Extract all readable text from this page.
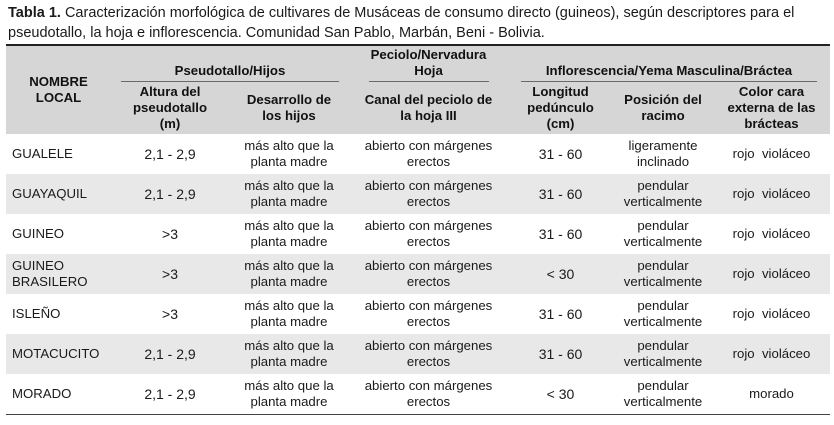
Tabla 1. Caracterización morfológica de cultivares de Musáceas de consumo directo (guineos), según descriptores para el pseudotallo, la hoja e inflorescencia. Comunidad San Pablo, Marbán, Beni - Bolivia.

NOMBRE LOCAL	Pseudotallo/Hijos		Peciolo/Nervadura Hoja	Inflorescencia/Yema Masculina/Bráctea		
	Altura del pseudotallo (m)	Desarrollo de los hijos	Canal del peciolo de la hoja III	Longitud pedúnculo (cm)	Posición del racimo	Color cara externa de las brácteas
GUALELE	2,1 - 2,9	más alto que la planta madre	abierto con márgenes erectos	31 - 60	ligeramente inclinado	rojo  violáceo
GUAYAQUIL	2,1 - 2,9	más alto que la planta madre	abierto con márgenes erectos	31 - 60	pendular verticalmente	rojo  violáceo
GUINEO	>3	más alto que la planta madre	abierto con márgenes erectos	31 - 60	pendular verticalmente	rojo  violáceo
GUINEO BRASILERO	>3	más alto que la planta madre	abierto con márgenes erectos	< 30	pendular verticalmente	rojo  violáceo
ISLEÑO	>3	más alto que la planta madre	abierto con márgenes erectos	31 - 60	pendular verticalmente	rojo  violáceo
MOTACUCITO	2,1 - 2,9	más alto que la planta madre	abierto con márgenes erectos	31 - 60	pendular verticalmente	rojo  violáceo
MORADO	2,1 - 2,9	más alto que la planta madre	abierto con márgenes erectos	< 30	pendular verticalmente	morado
